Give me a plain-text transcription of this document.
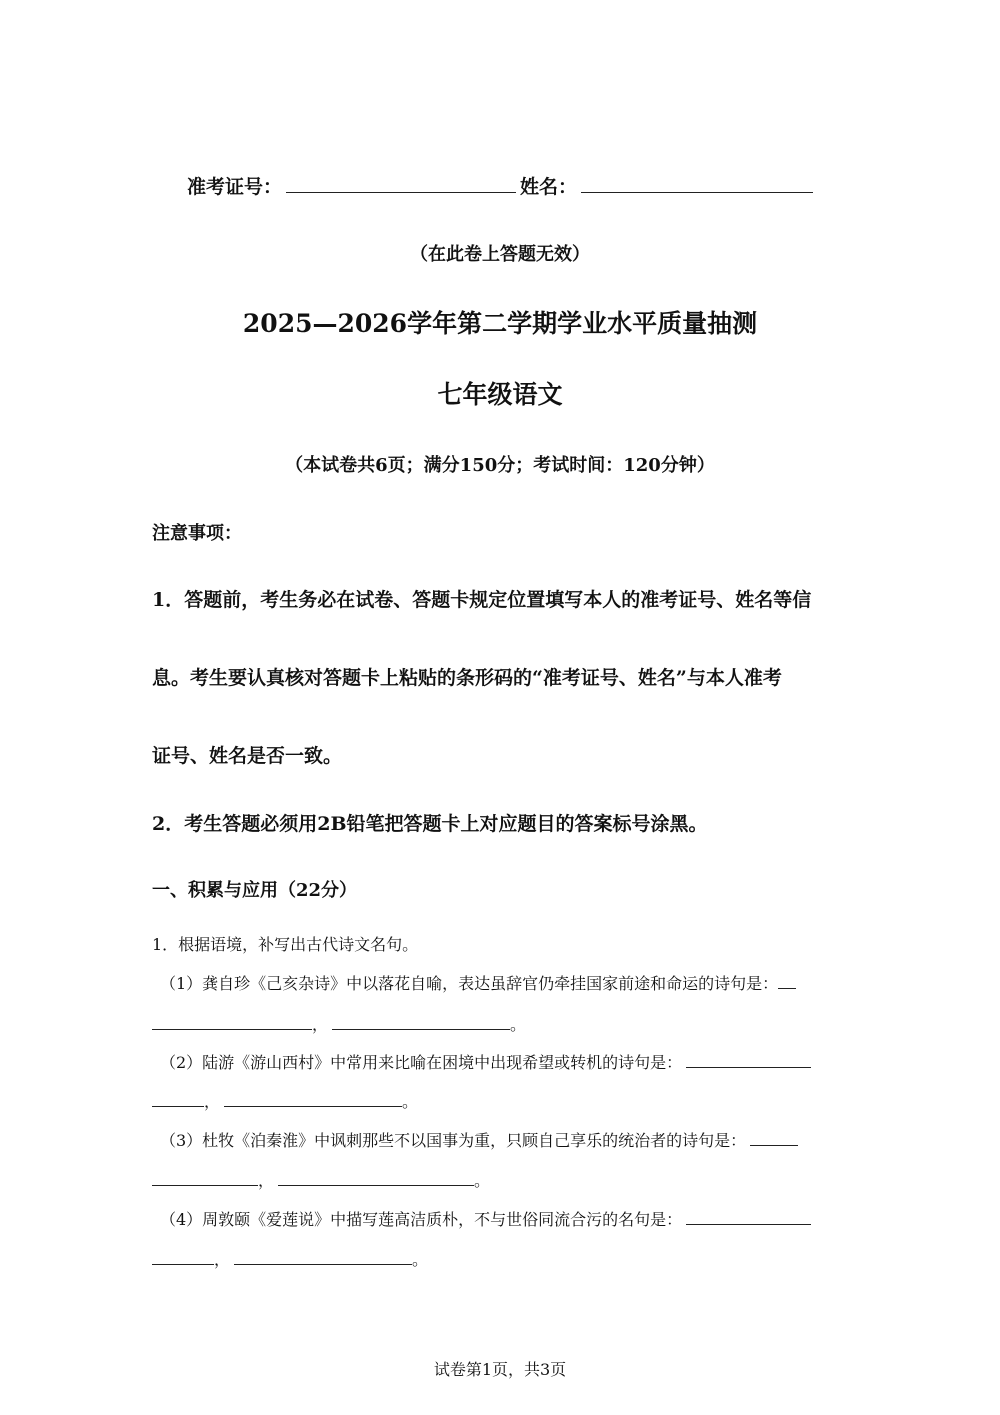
准考证号：	姓名：
（在此卷上答题无效）
2025—2026学年第二学期学业水平质量抽测
七年级语文
（本试卷共6页；满分150分；考试时间：120分钟）
注意事项：
1．答题前，考生务必在试卷、答题卡规定位置填写本人的准考证号、姓名等信
息。考生要认真核对答题卡上粘贴的条形码的“准考证号、姓名”与本人准考
证号、姓名是否一致。
2．考生答题必须用2B铅笔把答题卡上对应题目的答案标号涂黑。
一、积累与应用（22分）
1．根据语境，补写出古代诗文名句。
（1）龚自珍《己亥杂诗》中以落花自喻，表达虽辞官仍牵挂国家前途和命运的诗句是：
，	。
（2）陆游《游山西村》中常用来比喻在困境中出现希望或转机的诗句是：
，	。
（3）杜牧《泊秦淮》中讽刺那些不以国事为重，只顾自己享乐的统治者的诗句是：
，	。
（4）周敦颐《爱莲说》中描写莲高洁质朴，不与世俗同流合污的名句是：
，	。
试卷第1页，共3页
